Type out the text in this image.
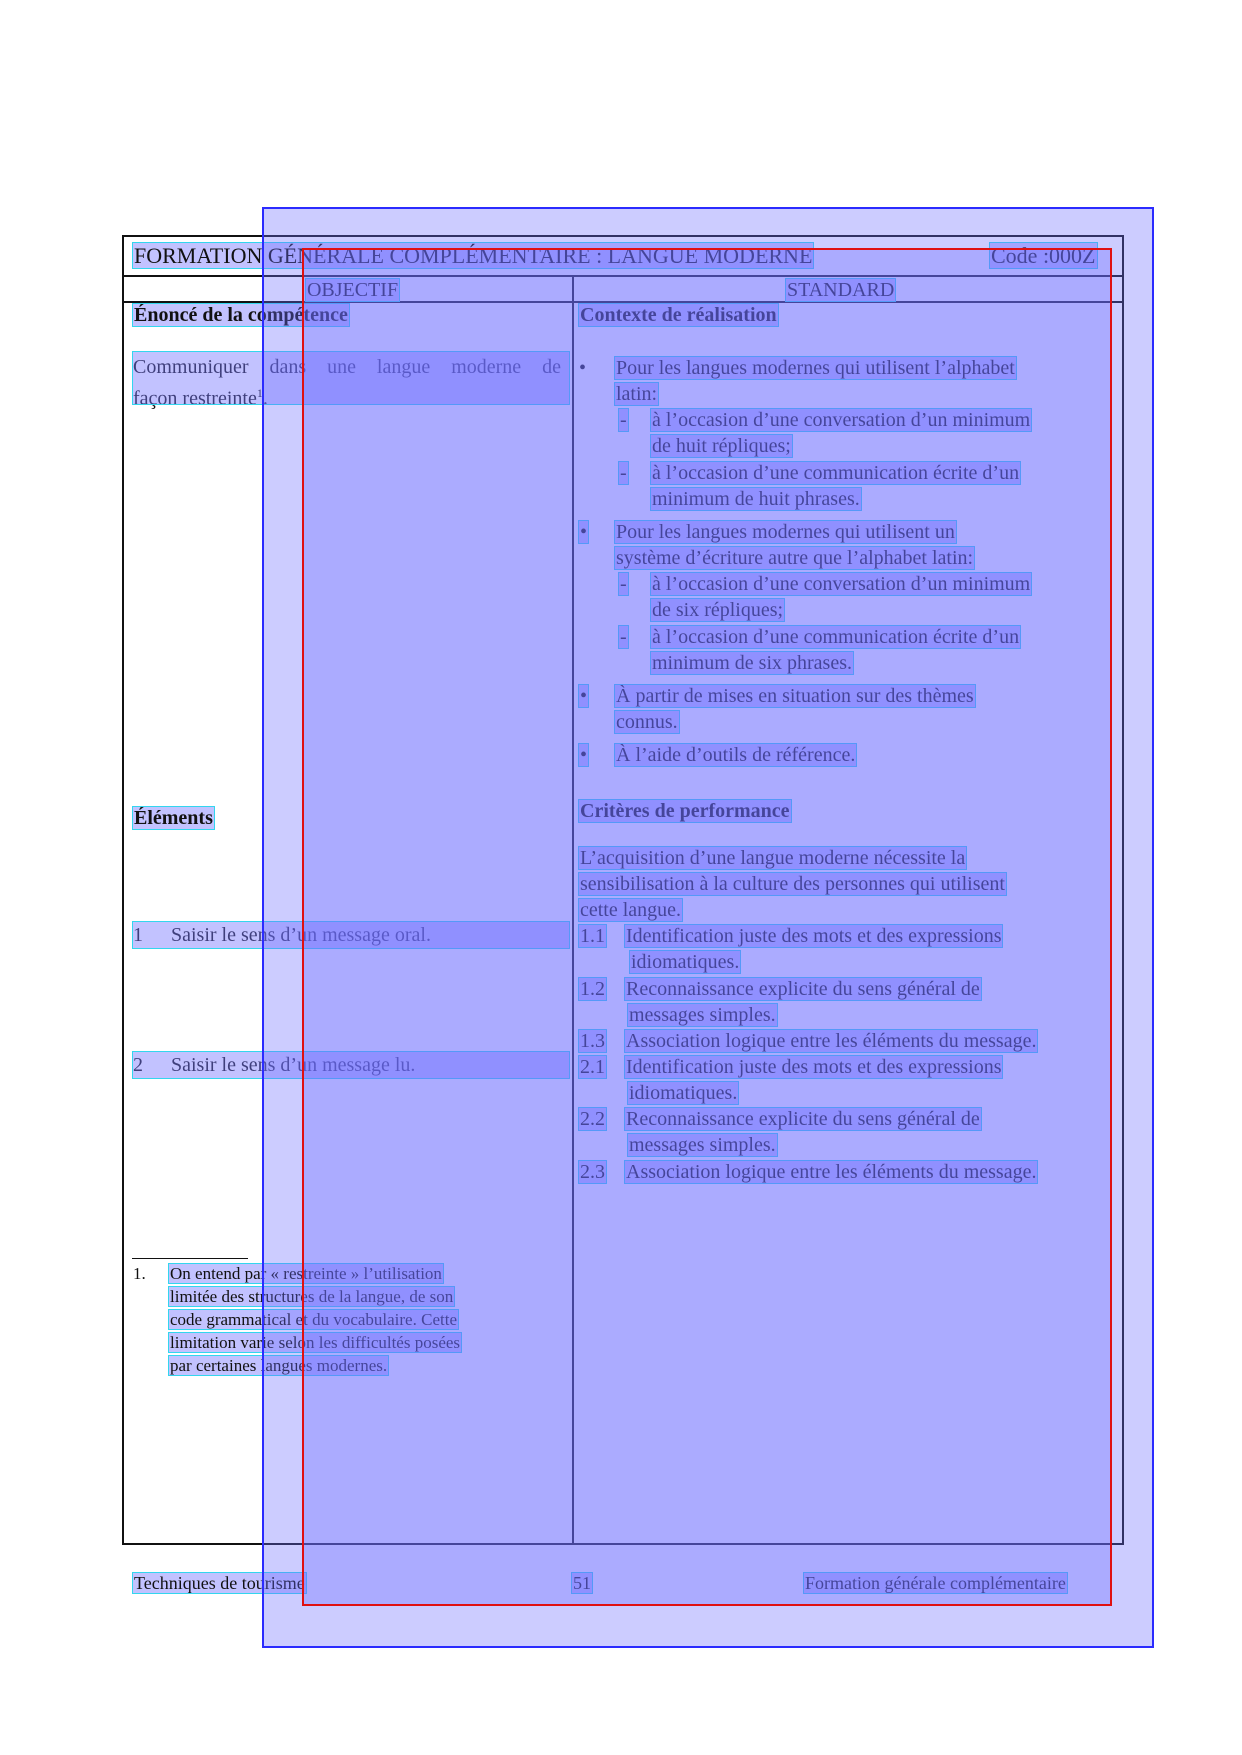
FORMATION GÉNÉRALE COMPLÉMENTAIRE : LANGUE MODERNE	Code :000Z
OBJECTIF	STANDARD
Énoncé de la compétence
Communiquer dans une langue moderne de
façon restreinte$^1$.
Éléments
1 Saisir le sens d’un message oral.
2 Saisir le sens d’un message lu.
1. On entend par « restreinte » l’utilisation
limitée des structures de la langue, de son
code grammatical et du vocabulaire. Cette
limitation varie selon les difficultés posées
par certaines langues modernes.
Contexte de réalisation
• Pour les langues modernes qui utilisent l’alphabet
latin:
- à l’occasion d’une conversation d’un minimum
de huit répliques;
- à l’occasion d’une communication écrite d’un
minimum de huit phrases.
• Pour les langues modernes qui utilisent un
système d’écriture autre que l’alphabet latin:
- à l’occasion d’une conversation d’un minimum
de six répliques;
- à l’occasion d’une communication écrite d’un
minimum de six phrases.
• À partir de mises en situation sur des thèmes
connus.
• À l’aide d’outils de référence.
Critères de performance
L’acquisition d’une langue moderne nécessite la
sensibilisation à la culture des personnes qui utilisent
cette langue.
1.1 Identification juste des mots et des expressions
idiomatiques.
1.2 Reconnaissance explicite du sens général de
messages simples.
1.3 Association logique entre les éléments du message.
2.1 Identification juste des mots et des expressions
idiomatiques.
2.2 Reconnaissance explicite du sens général de
messages simples.
2.3 Association logique entre les éléments du message.
Techniques de tourisme	51	Formation générale complémentaire
